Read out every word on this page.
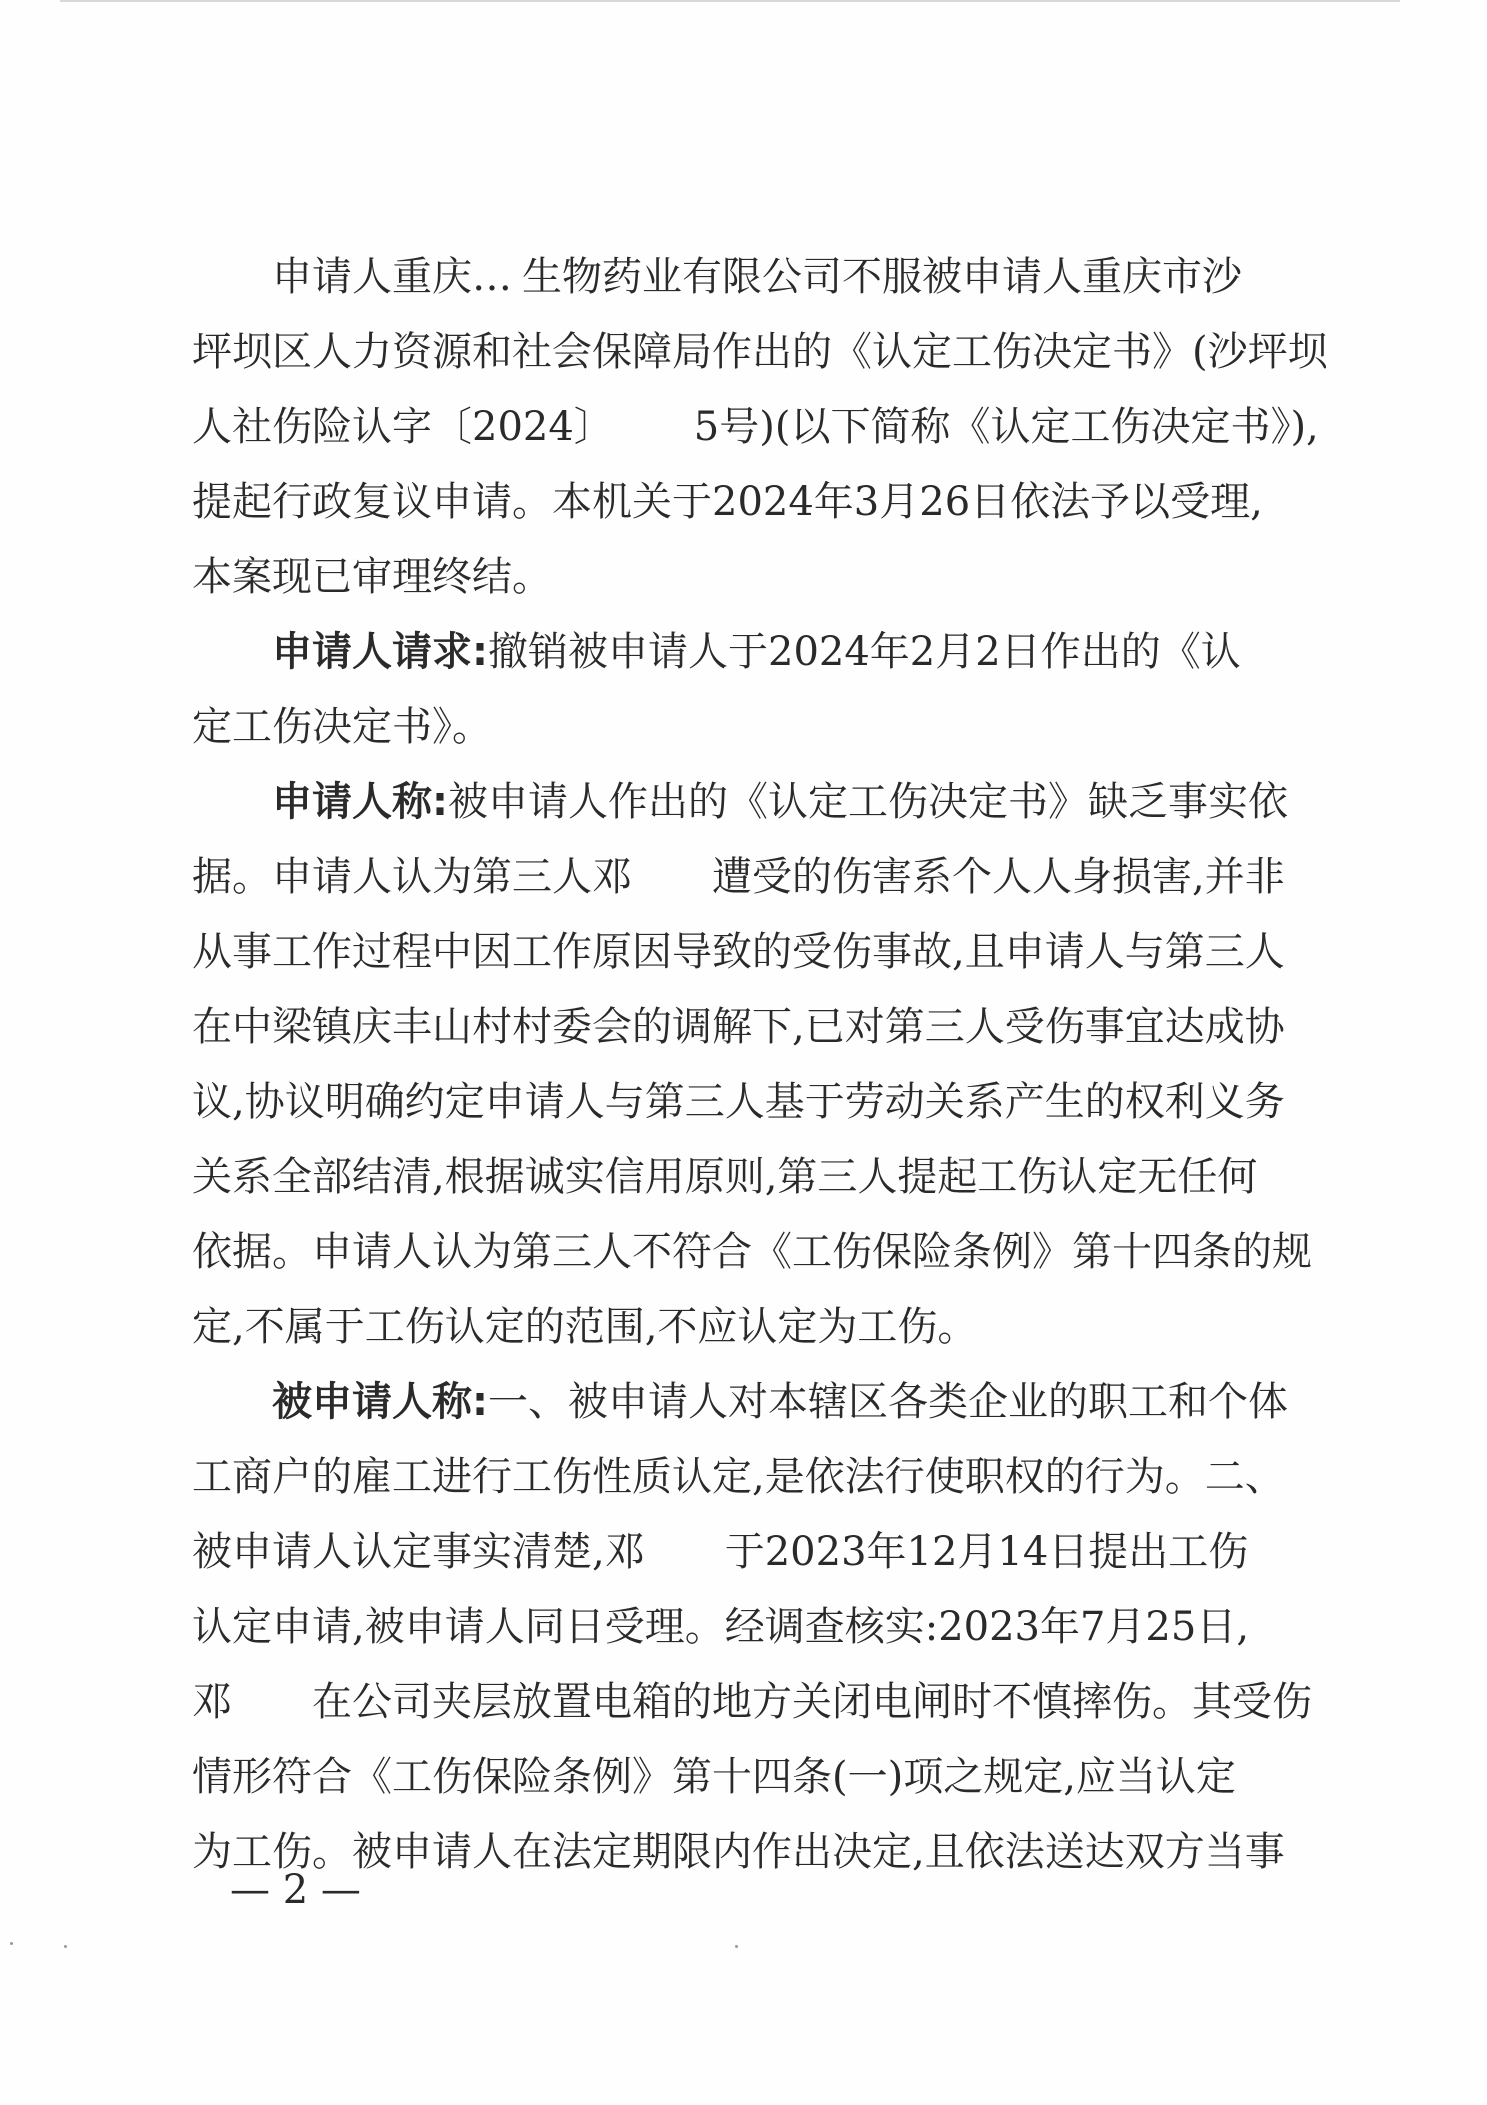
申请人重庆… 生物药业有限公司不服被申请人重庆市沙
坪坝区人力资源和社会保障局作出的《认定工伤决定书》(沙坪坝
人社伤险认字〔2024〕 5号)(以下简称《认定工伤决定书》),
提起行政复议申请。本机关于2024年3月26日依法予以受理,
本案现已审理终结。
申请人请求:撤销被申请人于2024年2月2日作出的《认
定工伤决定书》。
申请人称:被申请人作出的《认定工伤决定书》缺乏事实依
据。申请人认为第三人邓 遭受的伤害系个人人身损害,并非
从事工作过程中因工作原因导致的受伤事故,且申请人与第三人
在中梁镇庆丰山村村委会的调解下,已对第三人受伤事宜达成协
议,协议明确约定申请人与第三人基于劳动关系产生的权利义务
关系全部结清,根据诚实信用原则,第三人提起工伤认定无任何
依据。申请人认为第三人不符合《工伤保险条例》第十四条的规
定,不属于工伤认定的范围,不应认定为工伤。
被申请人称:一、被申请人对本辖区各类企业的职工和个体
工商户的雇工进行工伤性质认定,是依法行使职权的行为。二、
被申请人认定事实清楚,邓 于2023年12月14日提出工伤
认定申请,被申请人同日受理。经调查核实:2023年7月25日,
邓 在公司夹层放置电箱的地方关闭电闸时不慎摔伤。其受伤
情形符合《工伤保险条例》第十四条(一)项之规定,应当认定
为工伤。被申请人在法定期限内作出决定,且依法送达双方当事
— 2 —
